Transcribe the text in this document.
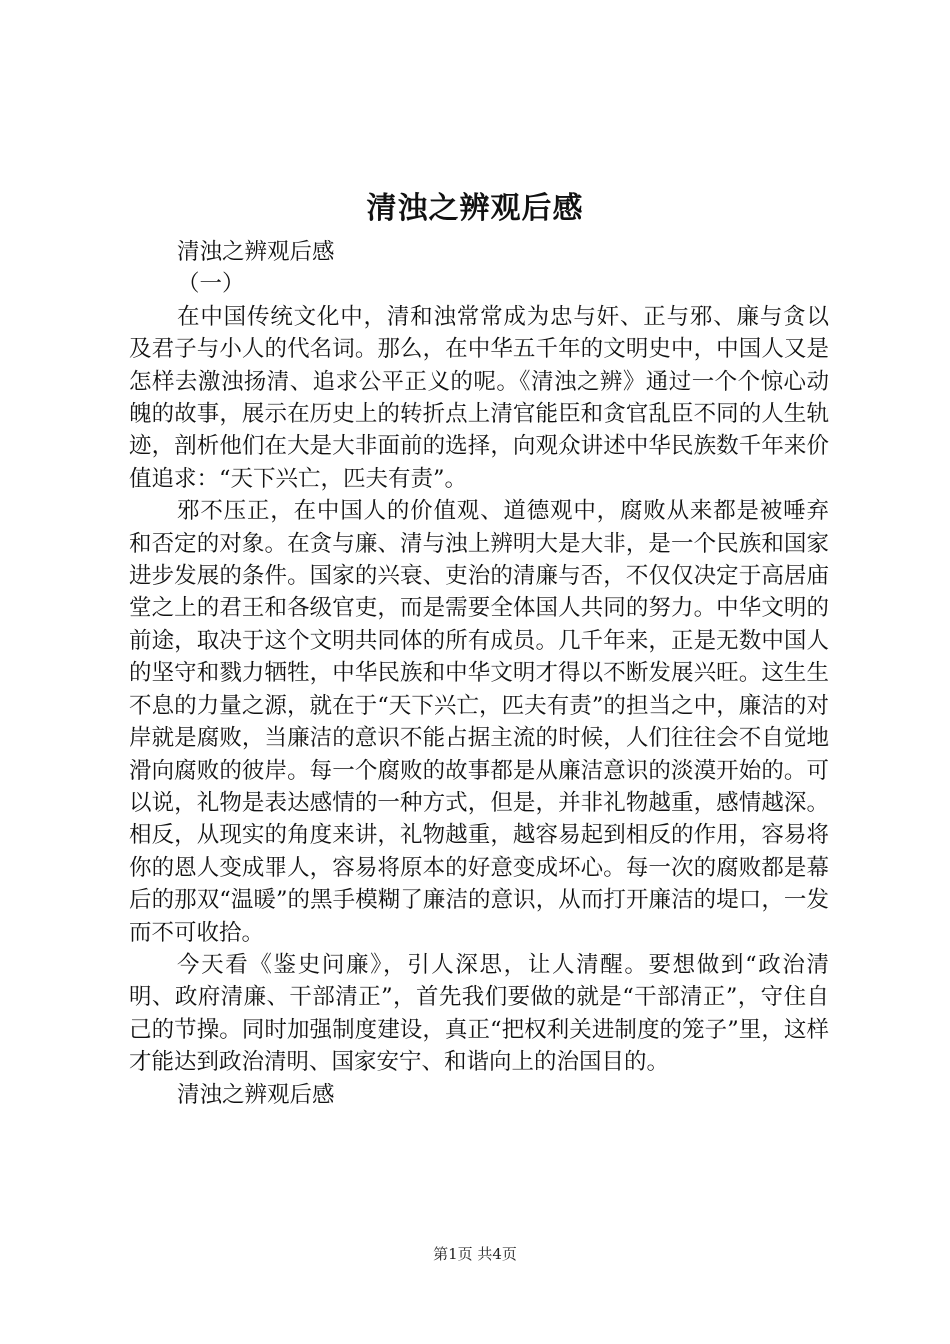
清浊之辨观后感

清浊之辨观后感

（一）

在中国传统文化中，清和浊常常成为忠与奸、正与邪、廉与贪以及君子与小人的代名词。那么，在中华五千年的文明史中，中国人又是怎样去激浊扬清、追求公平正义的呢。《清浊之辨》通过一个个惊心动魄的故事，展示在历史上的转折点上清官能臣和贪官乱臣不同的人生轨迹，剖析他们在大是大非面前的选择，向观众讲述中华民族数千年来价值追求：“天下兴亡，匹夫有责”。

邪不压正，在中国人的价值观、道德观中，腐败从来都是被唾弃和否定的对象。在贪与廉、清与浊上辨明大是大非，是一个民族和国家进步发展的条件。国家的兴衰、吏治的清廉与否，不仅仅决定于高居庙堂之上的君王和各级官吏，而是需要全体国人共同的努力。中华文明的前途，取决于这个文明共同体的所有成员。几千年来，正是无数中国人的坚守和戮力牺牲，中华民族和中华文明才得以不断发展兴旺。这生生不息的力量之源，就在于“天下兴亡，匹夫有责”的担当之中，廉洁的对岸就是腐败，当廉洁的意识不能占据主流的时候，人们往往会不自觉地滑向腐败的彼岸。每一个腐败的故事都是从廉洁意识的淡漠开始的。可以说，礼物是表达感情的一种方式，但是，并非礼物越重，感情越深。相反，从现实的角度来讲，礼物越重，越容易起到相反的作用，容易将你的恩人变成罪人，容易将原本的好意变成坏心。每一次的腐败都是幕后的那双“温暖”的黑手模糊了廉洁的意识，从而打开廉洁的堤口，一发而不可收拾。

今天看《鉴史问廉》，引人深思，让人清醒。要想做到“政治清明、政府清廉、干部清正”，首先我们要做的就是“干部清正”，守住自己的节操。同时加强制度建设，真正“把权利关进制度的笼子”里，这样才能达到政治清明、国家安宁、和谐向上的治国目的。

清浊之辨观后感

第1页 共4页
